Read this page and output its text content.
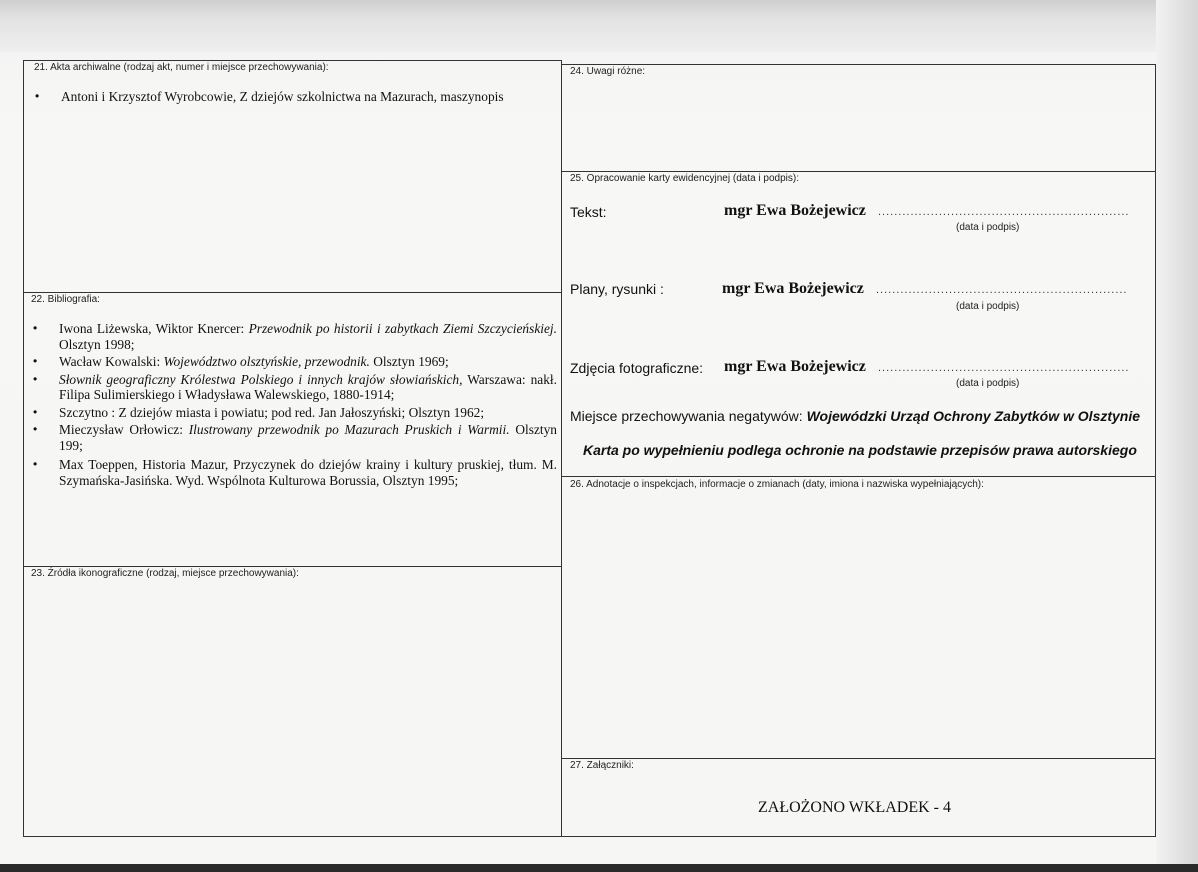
21. Akta archiwalne (rodzaj akt, numer i miejsce przechowywania):
• Antoni i Krzysztof Wyrobcowie, Z dziejów szkolnictwa na Mazurach, maszynopis
22. Bibliografia:
• Iwona Liżewska, Wiktor Knercer: Przewodnik po historii i zabytkach Ziemi Szczycieńskiej. Olsztyn 1998;
• Wacław Kowalski: Województwo olsztyńskie, przewodnik. Olsztyn 1969;
• Słownik geograficzny Królestwa Polskiego i innych krajów słowiańskich, Warszawa: nakł. Filipa Sulimierskiego i Władysława Walewskiego, 1880-1914;
• Szczytno : Z dziejów miasta i powiatu; pod red. Jan Jałoszyński; Olsztyn 1962;
• Mieczysław Orłowicz: Ilustrowany przewodnik po Mazurach Pruskich i Warmii. Olsztyn 199;
• Max Toeppen, Historia Mazur, Przyczynek do dziejów krainy i kultury pruskiej, tłum. M. Szymańska-Jasińska. Wyd. Wspólnota Kulturowa Borussia, Olsztyn 1995;
23. Źródła ikonograficzne (rodzaj, miejsce przechowywania):
24. Uwagi różne:
25. Opracowanie karty ewidencyjnej (data i podpis):
Tekst:	mgr Ewa Bożejewicz ..............................................................
(data i podpis)
Plany, rysunki :	mgr Ewa Bożejewicz ..............................................................
(data i podpis)
Zdjęcia fotograficzne: mgr Ewa Bożejewicz ..............................................................
(data i podpis)
Miejsce przechowywania negatywów: Wojewódzki Urząd Ochrony Zabytków w Olsztynie
Karta po wypełnieniu podlega ochronie na podstawie przepisów prawa autorskiego
26. Adnotacje o inspekcjach, informacje o zmianach (daty, imiona i nazwiska wypełniających):
27. Załączniki:
ZAŁOŻONO WKŁADEK - 4
